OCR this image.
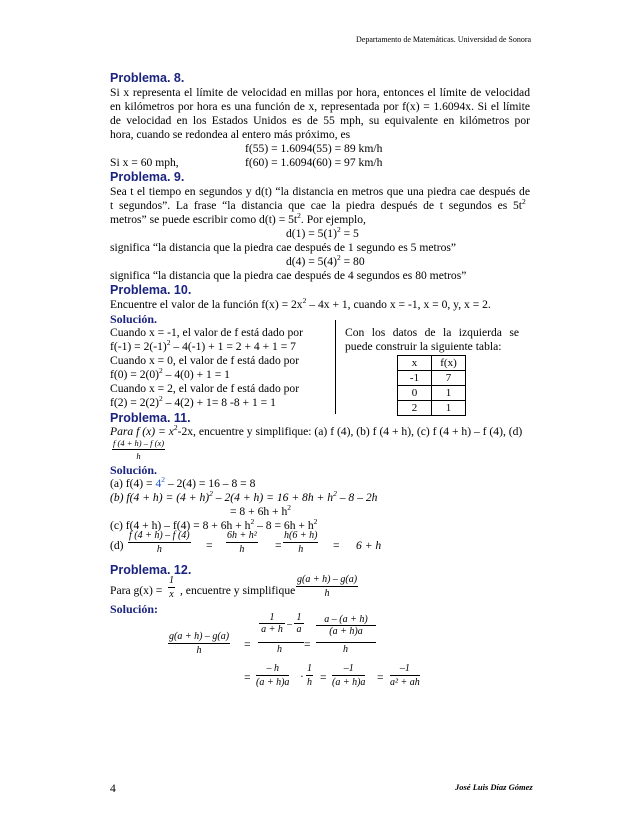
Departamento de Matemáticas. Universidad de Sonora
Problema. 8.
Si x representa el límite de velocidad en millas por hora, entonces el límite de velocidad
en kilómetros por hora es una función de x, representada por f(x) = 1.6094x. Si el límite
de velocidad en los Estados Unidos es de 55 mph, su equivalente en kilómetros por
hora, cuando se redondea al entero más próximo, es
f(55) = 1.6094(55) = 89 km/h
Si x = 60 mph,	f(60) = 1.6094(60) = 97 km/h
Problema. 9.
Sea t el tiempo en segundos y d(t) “la distancia en metros que una piedra cae después de
t segundos”. La frase “la distancia que cae la piedra después de t segundos es $5t^2$
metros” se puede escribir como $d(t) = 5t^2$. Por ejemplo,
$d(1) = 5(1)^2 = 5$
significa “la distancia que la piedra cae después de 1 segundo es 5 metros”
$d(4) = 5(4)^2 = 80$
significa “la distancia que la piedra cae después de 4 segundos es 80 metros”
Problema. 10.
Encuentre el valor de la función $f(x) = 2x^2 - 4x + 1$, cuando x = -1, x = 0, y, x = 2.
Solución.
Cuando x = -1, el valor de f está dado por
$f(-1) = 2(-1)^2 - 4(-1) + 1 = 2 + 4 + 1 = 7$
Cuando x = 0, el valor de f está dado por
$f(0) = 2(0)^2 - 4(0) + 1 = 1$
Cuando x = 2, el valor de f está dado por
$f(2) = 2(2)^2 - 4(2) + 1= 8$ -8 + 1 = 1
Con los datos de la izquierda se
puede construir la siguiente tabla:
x	f(x)
-1	7
0	1
2	1
Problema. 11.
Para f $(x) = x^2-2x$, encuentre y simplifique: (a) f (4), (b) f (4 + h), (c) f (4 + h) – f (4), (d)
$\frac{f (4 + h) - f (x)}{h}$
Solución.
(a) $f(4) = 4^2 - 2(4) = 16 - 8 = 8$
(b) $f(4 + h) = (4 + h)^2 - 2(4 + h) = 16 + 8h + h^2 - 8 - 2h$
= $8 + 6h + h^2$
(c) $f(4 + h) - f(4) = 8 + 6h + h^2 - 8 = 6h + h^2$
$(d) \frac{f (4 + h) - f (4)}{h} = \frac{\text{6h + h²}}{h} = \frac{h(6 + h)}{h} = 6 + h$
Problema. 12.
Para $g(x) = \frac{1}{x}$ , encuentre y simplifique $\frac{g(a + h) - g(a)}{h}$
Solución:
$\frac{g(a + h) - g(a)}{h}$ =
$\frac{1}{a + h} - \frac{1}{a}$
h =
a – (a + h)
(a + h)a
h
= $\frac{- h}{(a + h)a} \cdot \frac{1}{h} = \frac{-1}{(a + h)a} = \frac{-1}{\text{a² + ah}}$
4	José Luis Díaz Gómez
